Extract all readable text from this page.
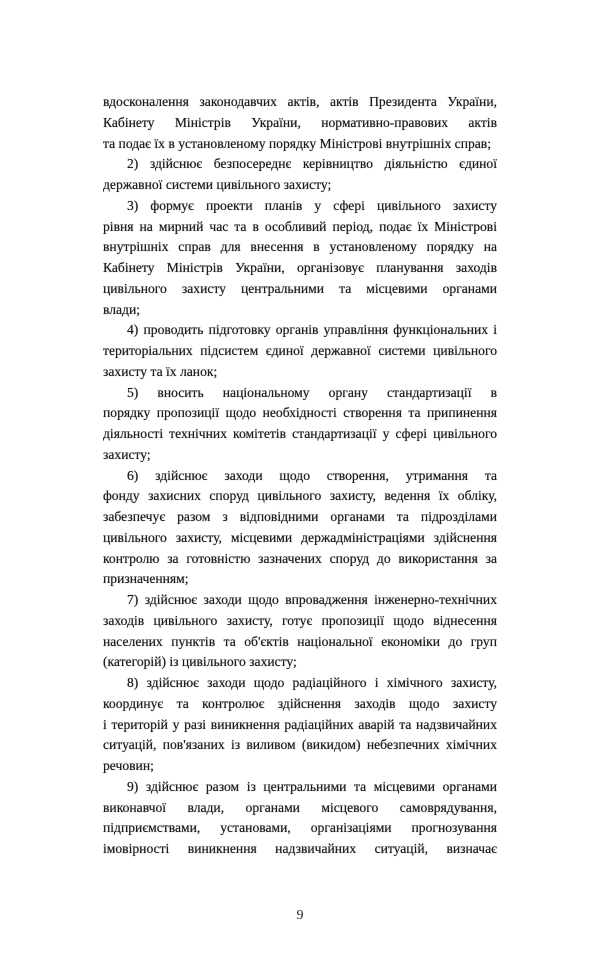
вдосконалення законодавчих актів, актів Президента України,
Кабінету Міністрів України, нормативно-правових актів
та подає їх в установленому порядку Міністрові внутрішніх справ;
2) здійснює безпосереднє керівництво діяльністю єдиної
державної системи цивільного захисту;
3) формує проекти планів у сфері цивільного захисту
рівня на мирний час та в особливий період, подає їх Міністрові
внутрішніх справ для внесення в установленому порядку на
Кабінету Міністрів України, організовує планування заходів
цивільного захисту центральними та місцевими органами
влади;
4) проводить підготовку органів управління функціональних і
територіальних підсистем єдиної державної системи цивільного
захисту та їх ланок;
5) вносить національному органу стандартизації в
порядку пропозиції щодо необхідності створення та припинення
діяльності технічних комітетів стандартизації у сфері цивільного
захисту;
6) здійснює заходи щодо створення, утримання та
фонду захисних споруд цивільного захисту, ведення їх обліку,
забезпечує разом з відповідними органами та підрозділами
цивільного захисту, місцевими держадміністраціями здійснення
контролю за готовністю зазначених споруд до використання за
призначенням;
7) здійснює заходи щодо впровадження інженерно-технічних
заходів цивільного захисту, готує пропозиції щодо віднесення
населених пунктів та об'єктів національної економіки до груп
(категорій) із цивільного захисту;
8) здійснює заходи щодо радіаційного і хімічного захисту,
координує та контролює здійснення заходів щодо захисту
і територій у разі виникнення радіаційних аварій та надзвичайних
ситуацій, пов'язаних із виливом (викидом) небезпечних хімічних
речовин;
9) здійснює разом із центральними та місцевими органами
виконавчої влади, органами місцевого самоврядування,
підприємствами, установами, організаціями прогнозування
імовірності виникнення надзвичайних ситуацій, визначає
9
